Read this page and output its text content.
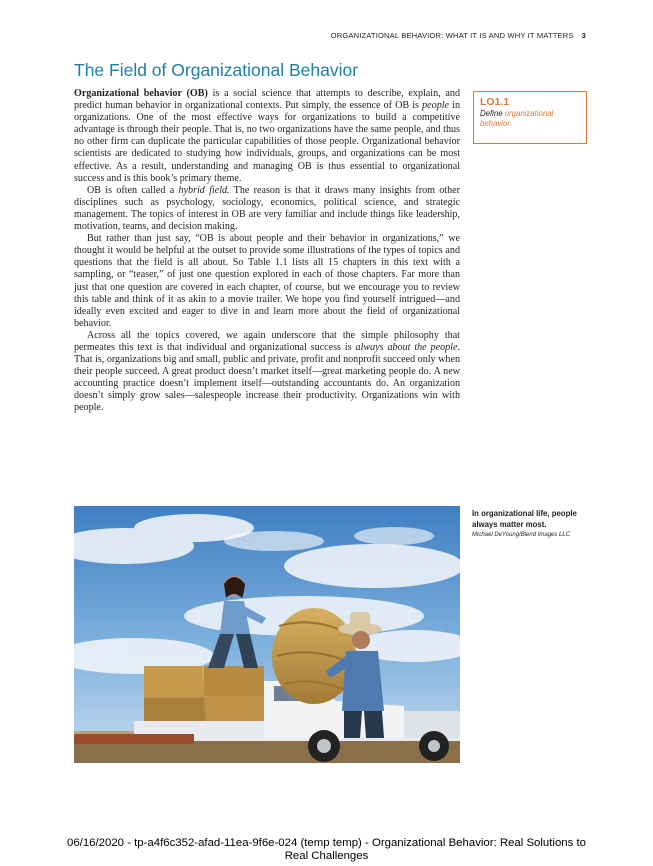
ORGANIZATIONAL BEHAVIOR: WHAT IT IS AND WHY IT MATTERS 3
The Field of Organizational Behavior

Organizational behavior (OB) is a social science that attempts to describe, explain, and predict human behavior in organizational contexts. Put simply, the essence of OB is people in organizations. One of the most effective ways for organizations to build a competitive advantage is through their people. That is, no two organizations have the same people, and thus no other firm can duplicate the particular capabilities of those people. Organizational behavior scientists are dedicated to studying how individuals, groups, and organizations can be most effective. As a result, understanding and managing OB is thus essential to organizational success and is this book’s primary theme.

OB is often called a hybrid field. The reason is that it draws many insights from other disciplines such as psychology, sociology, economics, political science, and strategic management. The topics of interest in OB are very familiar and include things like leadership, motivation, teams, and decision making.

But rather than just say, “OB is about people and their behavior in organizations,” we thought it would be helpful at the outset to provide some illustrations of the types of topics and questions that the field is all about. So Table 1.1 lists all 15 chapters in this text with a sampling, or “teaser,” of just one question explored in each of those chapters. Far more than just that one question are covered in each chapter, of course, but we encourage you to review this table and think of it as akin to a movie trailer. We hope you find yourself intrigued—and ideally even excited and eager to dive in and learn more about the field of organizational behavior.

Across all the topics covered, we again underscore that the simple philosophy that permeates this text is that individual and organizational success is always about the people. That is, organizations big and small, public and private, profit and nonprofit succeed only when their people succeed. A great product doesn’t market itself—great marketing people do. A new accounting practice doesn’t implement itself—outstanding accountants do. An organization doesn’t simply grow sales—salespeople increase their productivity. Organizations win with people.

LO1.1
Define organizational behavior.
In organizational life, people always matter most.
Michael DeYoung/Blend Images LLC
06/16/2020 - tp-a4f6c352-afad-11ea-9f6e-024 (temp temp) - Organizational Behavior: Real Solutions to
Real Challenges
